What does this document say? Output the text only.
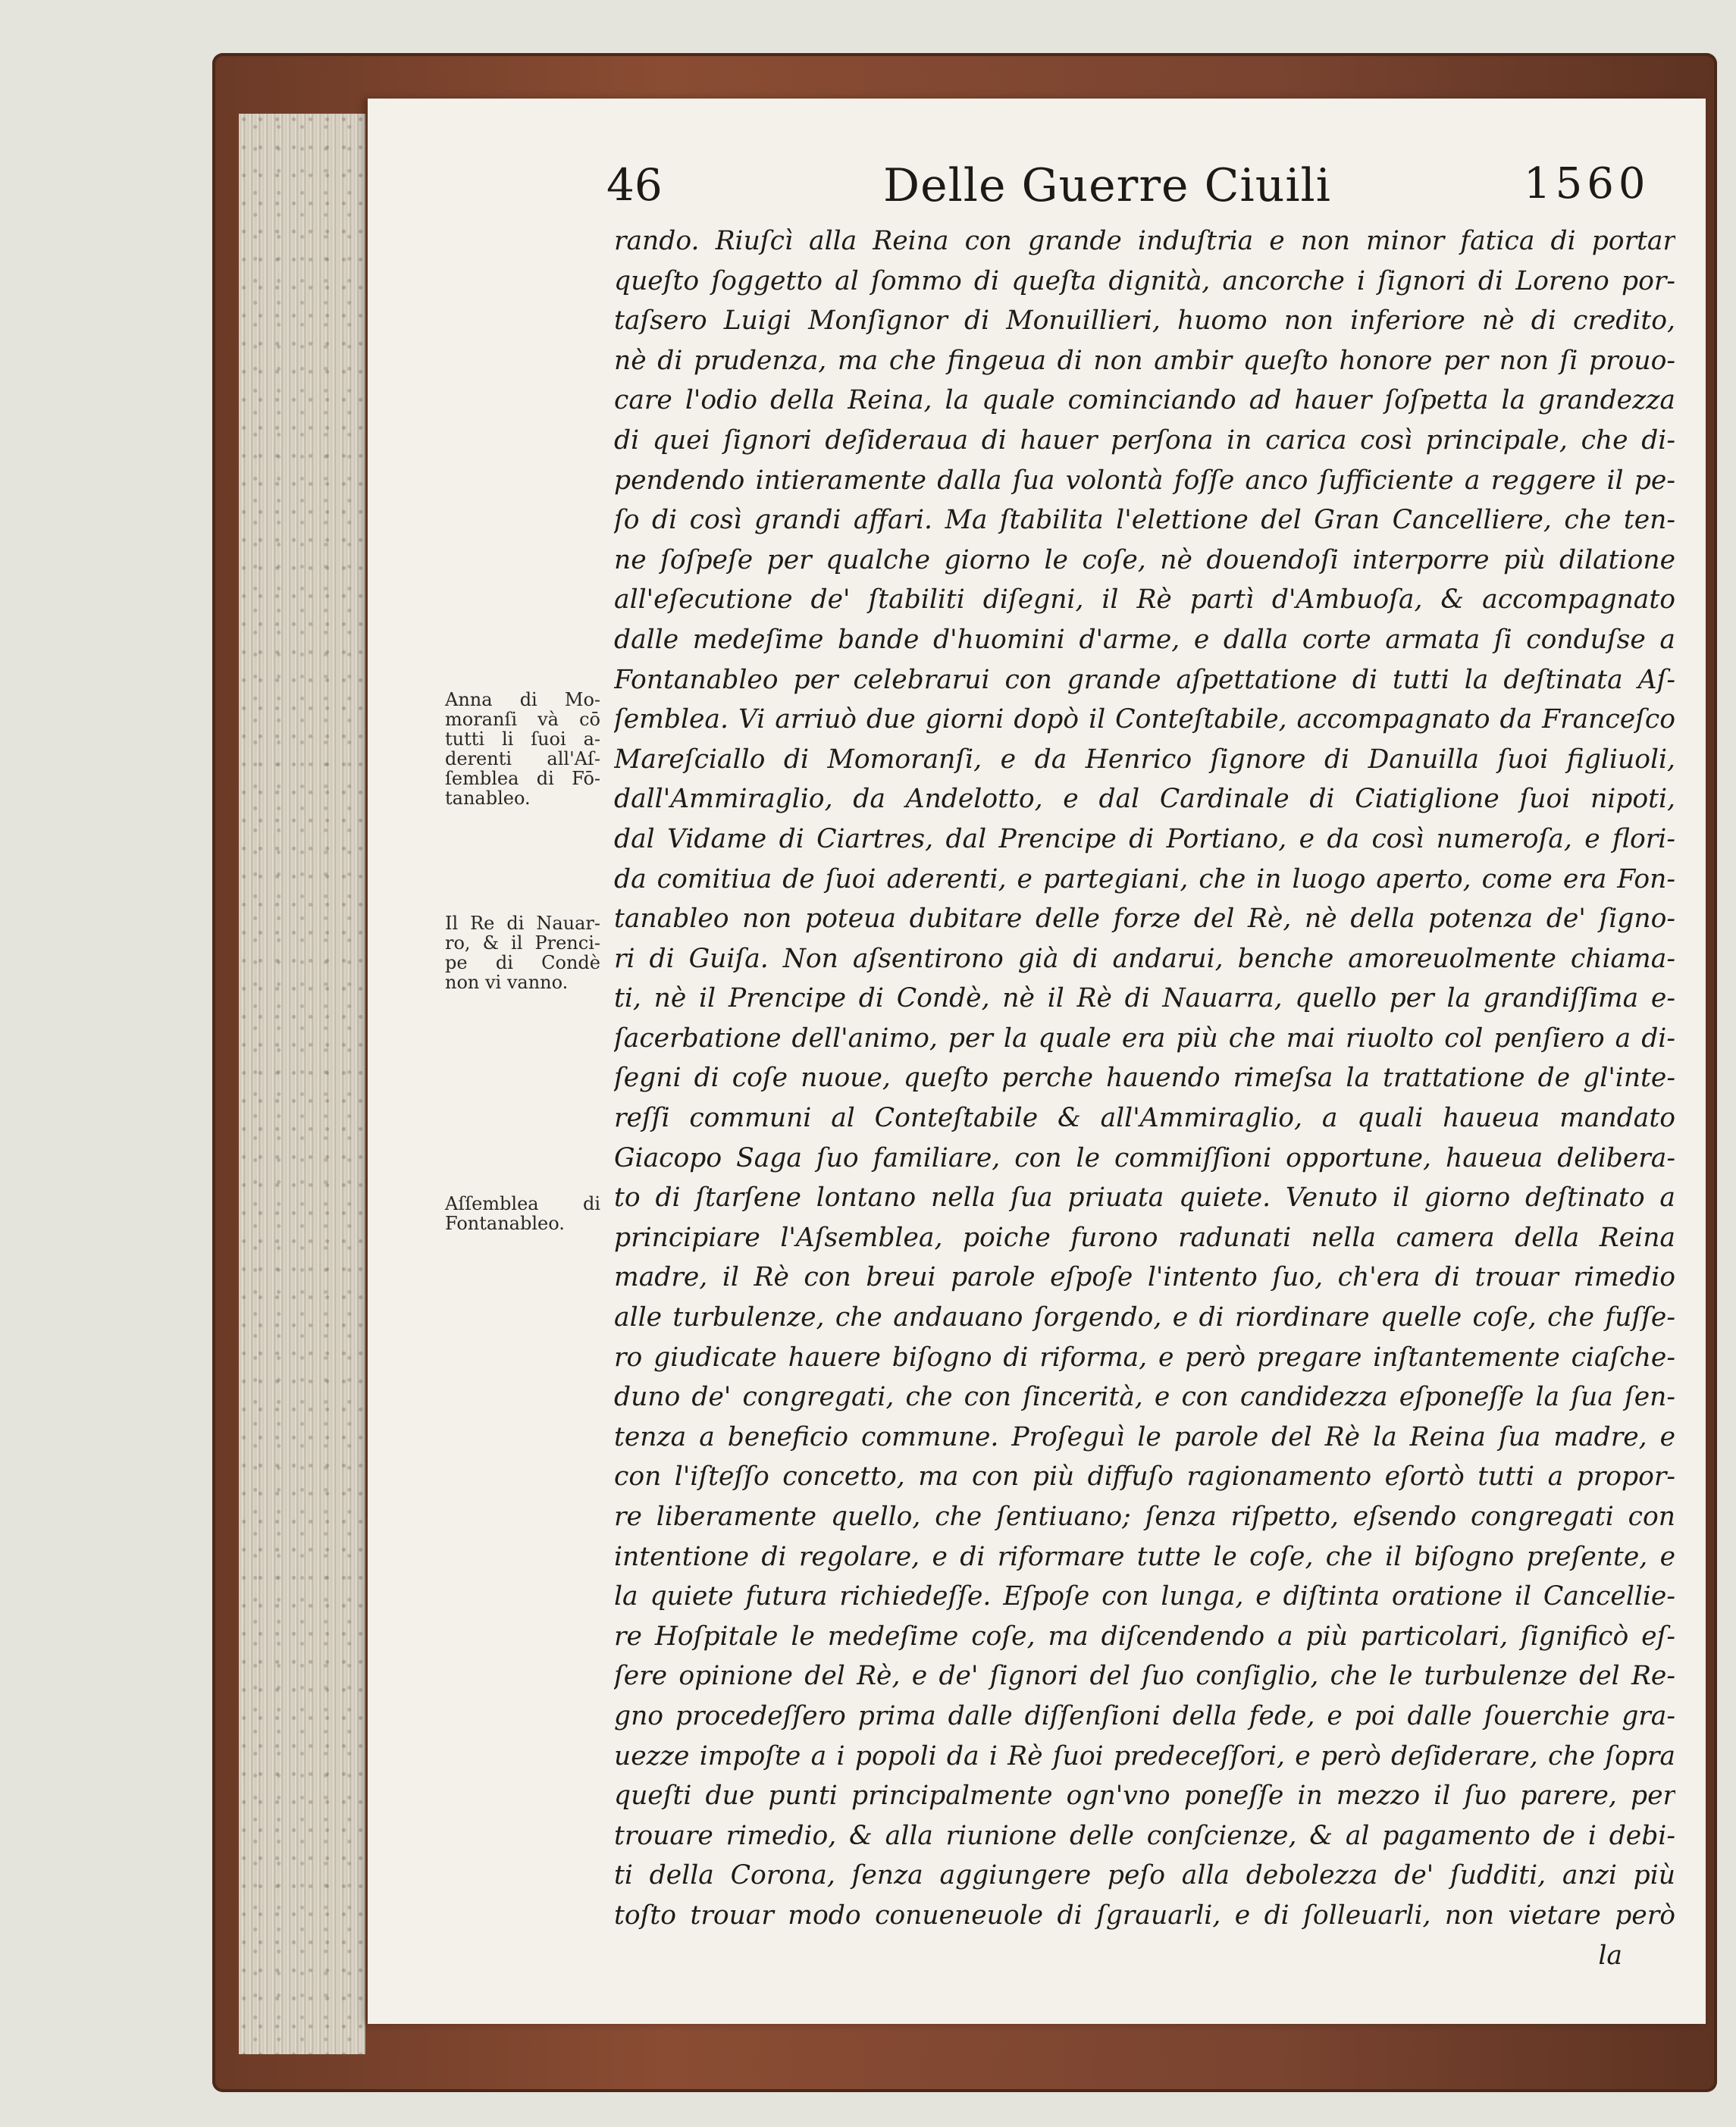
46	Delle Guerre Ciuili	1560
Anna di Mo-
moranſi và cō
tutti li ſuoi a-
derenti all'Aſ-
ſemblea di Fō-
tanableo.
Il Re di Nauar-
ro, & il Prenci-
pe di Condè
non vi vanno.
Aſſemblea di
Fontanableo.
rando. Riuſcì alla Reina con grande induſtria e non minor fatica di portar
queſto ſoggetto al ſommo di queſta dignità, ancorche i ſignori di Loreno por-
taſsero Luigi Monſignor di Monuillieri, huomo non inferiore nè di credito,
nè di prudenza, ma che fingeua di non ambir queſto honore per non ſi prouo-
care l'odio della Reina, la quale cominciando ad hauer ſoſpetta la grandezza
di quei ſignori deſideraua di hauer perſona in carica così principale, che di-
pendendo intieramente dalla ſua volontà foſſe anco ſufficiente a reggere il pe-
ſo di così grandi affari. Ma ſtabilita l'elettione del Gran Cancelliere, che ten-
ne ſoſpeſe per qualche giorno le coſe, nè douendoſi interporre più dilatione
all'eſecutione de' ſtabiliti diſegni, il Rè partì d'Ambuoſa, & accompagnato
dalle medeſime bande d'huomini d'arme, e dalla corte armata ſi conduſse a
Fontanableo per celebrarui con grande aſpettatione di tutti la deſtinata Aſ-
ſemblea. Vi arriuò due giorni dopò il Conteſtabile, accompagnato da Franceſco
Mareſciallo di Momoranſi, e da Henrico ſignore di Danuilla ſuoi figliuoli,
dall'Ammiraglio, da Andelotto, e dal Cardinale di Ciatiglione ſuoi nipoti,
dal Vidame di Ciartres, dal Prencipe di Portiano, e da così numeroſa, e flori-
da comitiua de ſuoi aderenti, e partegiani, che in luogo aperto, come era Fon-
tanableo non poteua dubitare delle forze del Rè, nè della potenza de' ſigno-
ri di Guiſa. Non aſsentirono già di andarui, benche amoreuolmente chiama-
ti, nè il Prencipe di Condè, nè il Rè di Nauarra, quello per la grandiſſima e-
ſacerbatione dell'animo, per la quale era più che mai riuolto col penſiero a di-
ſegni di coſe nuoue, queſto perche hauendo rimeſsa la trattatione de gl'inte-
reſſi communi al Conteſtabile & all'Ammiraglio, a quali haueua mandato
Giacopo Saga ſuo familiare, con le commiſſioni opportune, haueua delibera-
to di ſtarſene lontano nella ſua priuata quiete. Venuto il giorno deſtinato a
principiare l'Aſsemblea, poiche furono radunati nella camera della Reina
madre, il Rè con breui parole eſpoſe l'intento ſuo, ch'era di trouar rimedio
alle turbulenze, che andauano ſorgendo, e di riordinare quelle coſe, che fuſſe-
ro giudicate hauere biſogno di riforma, e però pregare inſtantemente ciaſche-
duno de' congregati, che con ſincerità, e con candidezza eſponeſſe la ſua ſen-
tenza a beneficio commune. Proſeguì le parole del Rè la Reina ſua madre, e
con l'iſteſſo concetto, ma con più diffuſo ragionamento eſortò tutti a propor-
re liberamente quello, che ſentiuano; ſenza riſpetto, eſsendo congregati con
intentione di regolare, e di riformare tutte le coſe, che il biſogno preſente, e
la quiete futura richiedeſſe. Eſpoſe con lunga, e diſtinta oratione il Cancellie-
re Hoſpitale le medeſime coſe, ma diſcendendo a più particolari, ſignificò eſ-
ſere opinione del Rè, e de' ſignori del ſuo conſiglio, che le turbulenze del Re-
gno procedeſſero prima dalle diſſenſioni della fede, e poi dalle ſouerchie gra-
uezze impoſte a i popoli da i Rè ſuoi predeceſſori, e però deſiderare, che ſopra
queſti due punti principalmente ogn'vno poneſſe in mezzo il ſuo parere, per
trouare rimedio, & alla riunione delle conſcienze, & al pagamento de i debi-
ti della Corona, ſenza aggiungere peſo alla debolezza de' ſudditi, anzi più
toſto trouar modo conueneuole di ſgrauarli, e di ſolleuarli, non vietare però
la
